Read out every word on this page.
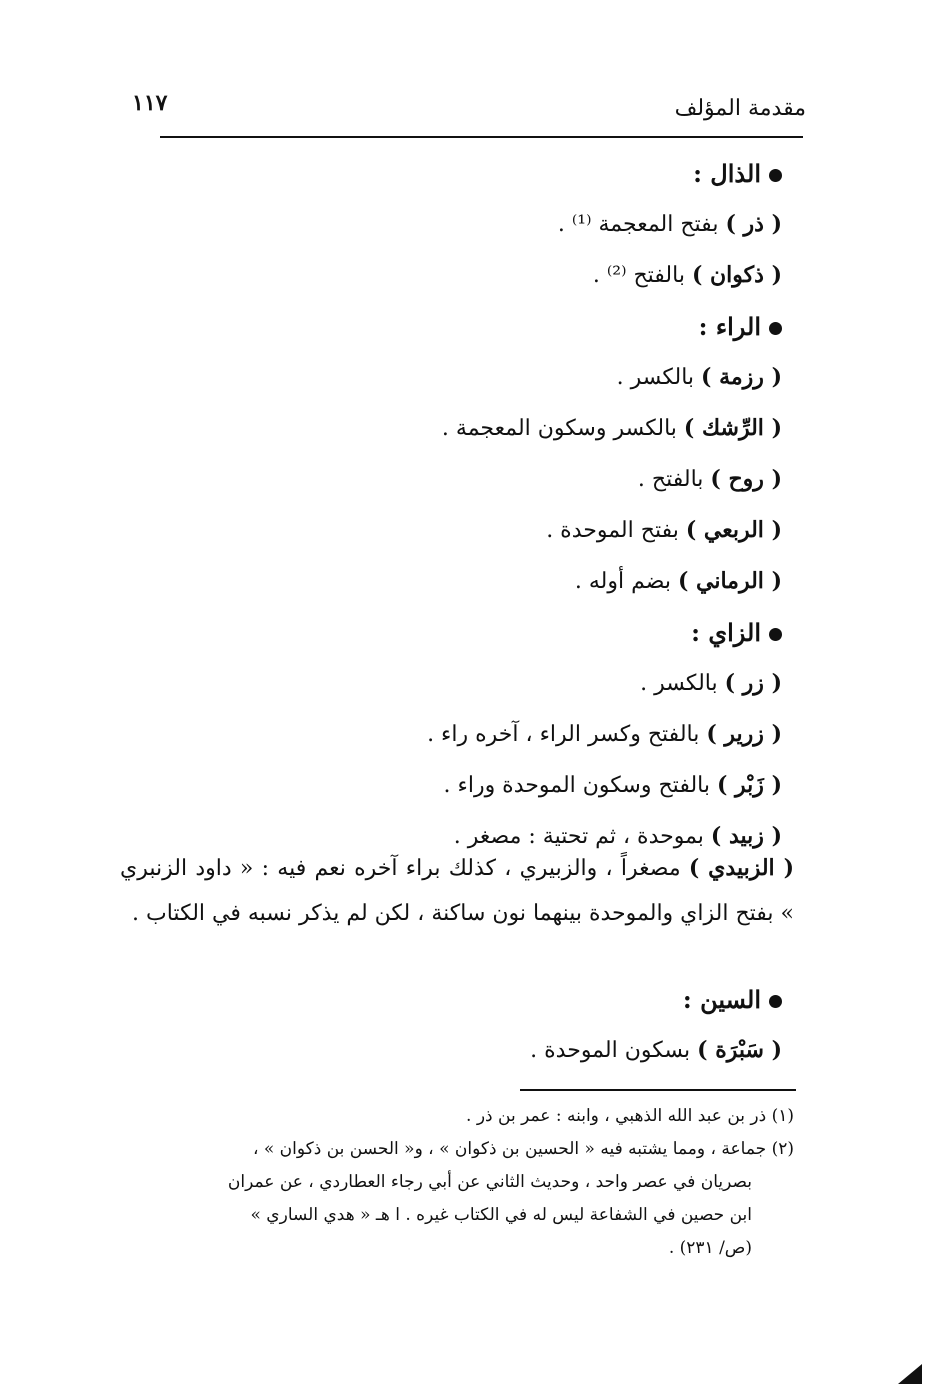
مقدمة المؤلف
١١٧
الذال :
( ذر ) بفتح المعجمة ⁽¹⁾ .
( ذكوان ) بالفتح ⁽²⁾ .
الراء :
( رزمة ) بالكسر .
( الرِّشك ) بالكسر وسكون المعجمة .
( روح ) بالفتح .
( الربعي ) بفتح الموحدة .
( الرماني ) بضم أوله .
الزاي :
( زر ) بالكسر .
( زرير ) بالفتح وكسر الراء ، آخره راء .
( زَبْر ) بالفتح وسكون الموحدة وراء .
( زبيد ) بموحدة ، ثم تحتية : مصغر .
( الزبيدي ) مصغراً ، والزبيري ، كذلك براء آخره نعم فيه : « داود الزنبري » بفتح الزاي والموحدة بينهما نون ساكنة ، لكن لم يذكر نسبه في الكتاب .
السين :
( سَبْرَة ) بسكون الموحدة .
(١) ذر بن عبد الله الذهبي ، وابنه : عمر بن ذر .
(٢) جماعة ، ومما يشتبه فيه « الحسين بن ذكوان » ، و« الحسن بن ذكوان » ،
بصريان في عصر واحد ، وحديث الثاني عن أبي رجاء العطاردي ، عن عمران
ابن حصين في الشفاعة ليس له في الكتاب غيره . ا هـ « هدي الساري »
(ص/ ٢٣١) .
